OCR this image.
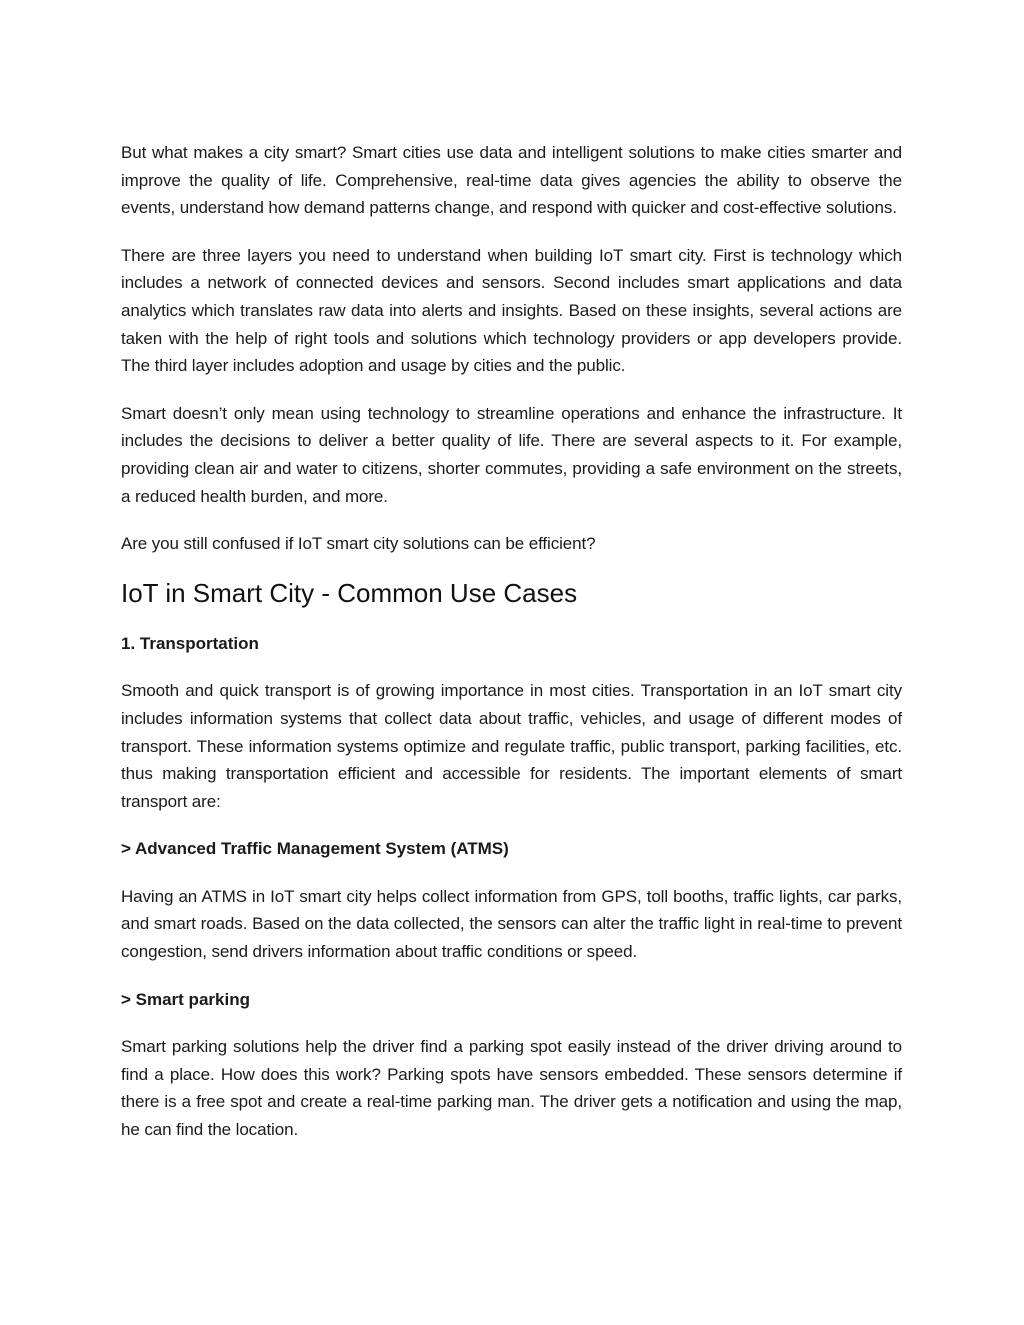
But what makes a city smart? Smart cities use data and intelligent solutions to make cities smarter and improve the quality of life. Comprehensive, real-time data gives agencies the ability to observe the events, understand how demand patterns change, and respond with quicker and cost-effective solutions.

There are three layers you need to understand when building IoT smart city. First is technology which includes a network of connected devices and sensors. Second includes smart applications and data analytics which translates raw data into alerts and insights. Based on these insights, several actions are taken with the help of right tools and solutions which technology providers or app developers provide. The third layer includes adoption and usage by cities and the public.

Smart doesn’t only mean using technology to streamline operations and enhance the infrastructure. It includes the decisions to deliver a better quality of life. There are several aspects to it. For example, providing clean air and water to citizens, shorter commutes, providing a safe environment on the streets, a reduced health burden, and more.

Are you still confused if IoT smart city solutions can be efficient?

IoT in Smart City - Common Use Cases

1. Transportation

Smooth and quick transport is of growing importance in most cities. Transportation in an IoT smart city includes information systems that collect data about traffic, vehicles, and usage of different modes of transport. These information systems optimize and regulate traffic, public transport, parking facilities, etc. thus making transportation efficient and accessible for residents. The important elements of smart transport are:

> Advanced Traffic Management System (ATMS)

Having an ATMS in IoT smart city helps collect information from GPS, toll booths, traffic lights, car parks, and smart roads. Based on the data collected, the sensors can alter the traffic light in real-time to prevent congestion, send drivers information about traffic conditions or speed.

> Smart parking

Smart parking solutions help the driver find a parking spot easily instead of the driver driving around to find a place. How does this work? Parking spots have sensors embedded. These sensors determine if there is a free spot and create a real-time parking man. The driver gets a notification and using the map, he can find the location.
